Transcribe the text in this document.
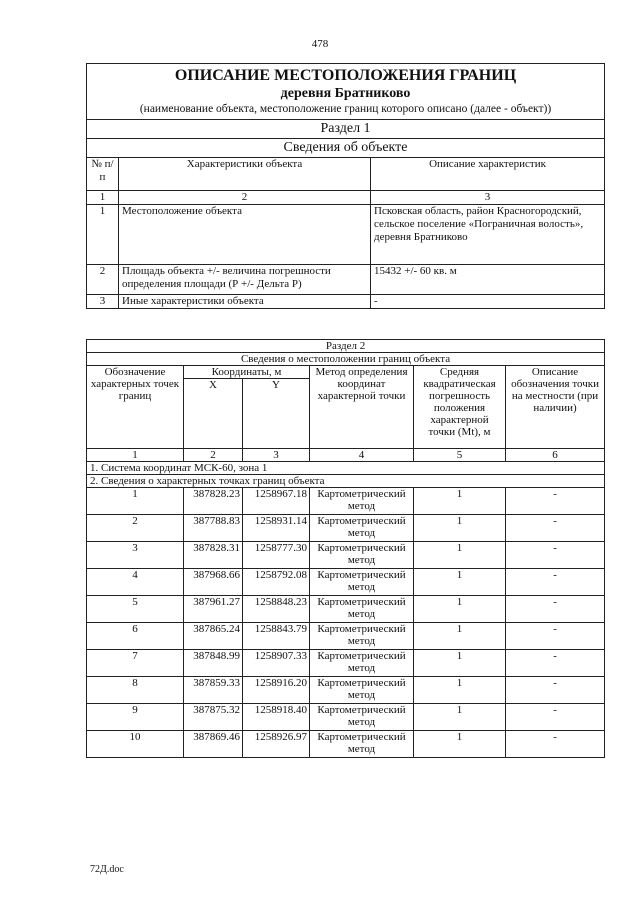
478
ОПИСАНИЕ МЕСТОПОЛОЖЕНИЯ ГРАНИЦ
деревня Братниково
(наименование объекта, местоположение границ которого описано (далее - объект))		

Раздел 1		
Сведения об объекте		
№ п/п	Характеристики объекта	Описание характеристик
1	2	3
1	Местоположение объекта	Псковская область, район Красногородский, сельское поселение «Пограничная волость», деревня Братниково
2	Площадь объекта +/- величина погрешности определения площади (Р +/- Дельта Р)	15432 +/- 60 кв. м
3	Иные характеристики объекта	-
Раздел 2					
Сведения о местоположении границ объекта					
Обозначение характерных точек границ	Координаты, м		Метод определения координат характерной точки	Средняя квадратическая погрешность положения характерной точки (Mt), м	Описание обозначения точки на местности (при наличии)
	X	Y			
1	2	3	4	5	6
1. Система координат МСК-60, зона 1					
2. Сведения о характерных точках границ объекта					
1	387828.23	1258967.18	Картометрический метод	1	-
2	387788.83	1258931.14	Картометрический метод	1	-
3	387828.31	1258777.30	Картометрический метод	1	-
4	387968.66	1258792.08	Картометрический метод	1	-
5	387961.27	1258848.23	Картометрический метод	1	-
6	387865.24	1258843.79	Картометрический метод	1	-
7	387848.99	1258907.33	Картометрический метод	1	-
8	387859.33	1258916.20	Картометрический метод	1	-
9	387875.32	1258918.40	Картометрический метод	1	-
10	387869.46	1258926.97	Картометрический метод	1	-
72Д.doc
